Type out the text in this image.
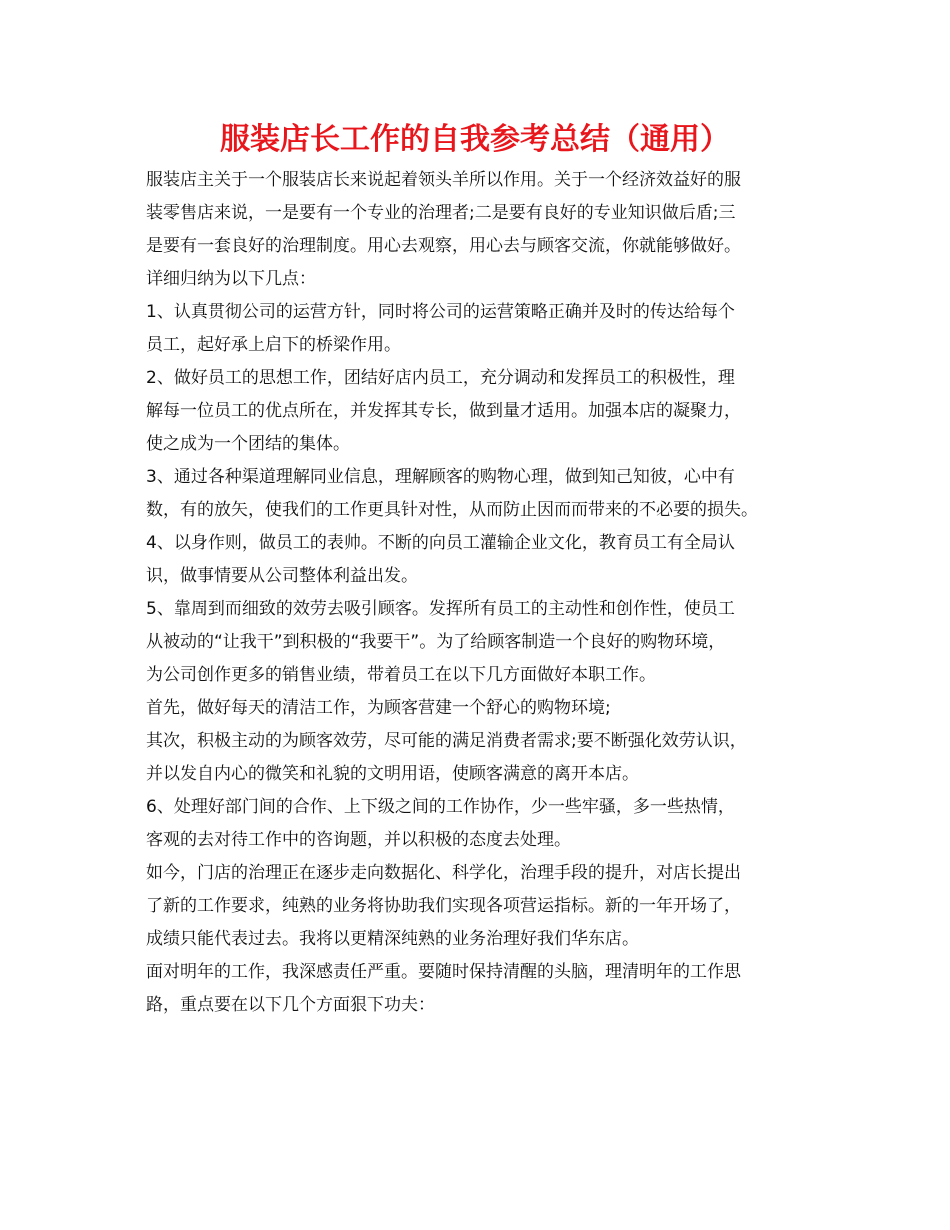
服装店长工作的自我参考总结（通用）
服装店主关于一个服装店长来说起着领头羊所以作用。关于一个经济效益好的服
装零售店来说，一是要有一个专业的治理者;二是要有良好的专业知识做后盾;三
是要有一套良好的治理制度。用心去观察，用心去与顾客交流，你就能够做好。
详细归纳为以下几点：
1、认真贯彻公司的运营方针，同时将公司的运营策略正确并及时的传达给每个
员工，起好承上启下的桥梁作用。
2、做好员工的思想工作，团结好店内员工，充分调动和发挥员工的积极性，理
解每一位员工的优点所在，并发挥其专长，做到量才适用。加强本店的凝聚力，
使之成为一个团结的集体。
3、通过各种渠道理解同业信息，理解顾客的购物心理，做到知己知彼，心中有
数，有的放矢，使我们的工作更具针对性，从而防止因而而带来的不必要的损失。
4、以身作则，做员工的表帅。不断的向员工灌输企业文化，教育员工有全局认
识，做事情要从公司整体利益出发。
5、靠周到而细致的效劳去吸引顾客。发挥所有员工的主动性和创作性，使员工
从被动的“让我干”到积极的“我要干”。为了给顾客制造一个良好的购物环境，
为公司创作更多的销售业绩，带着员工在以下几方面做好本职工作。
首先，做好每天的清洁工作，为顾客营建一个舒心的购物环境;
其次，积极主动的为顾客效劳，尽可能的满足消费者需求;要不断强化效劳认识，
并以发自内心的微笑和礼貌的文明用语，使顾客满意的离开本店。
6、处理好部门间的合作、上下级之间的工作协作，少一些牢骚，多一些热情，
客观的去对待工作中的咨询题，并以积极的态度去处理。
如今，门店的治理正在逐步走向数据化、科学化，治理手段的提升，对店长提出
了新的工作要求，纯熟的业务将协助我们实现各项营运指标。新的一年开场了，
成绩只能代表过去。我将以更精深纯熟的业务治理好我们华东店。
面对明年的工作，我深感责任严重。要随时保持清醒的头脑，理清明年的工作思
路，重点要在以下几个方面狠下功夫：
